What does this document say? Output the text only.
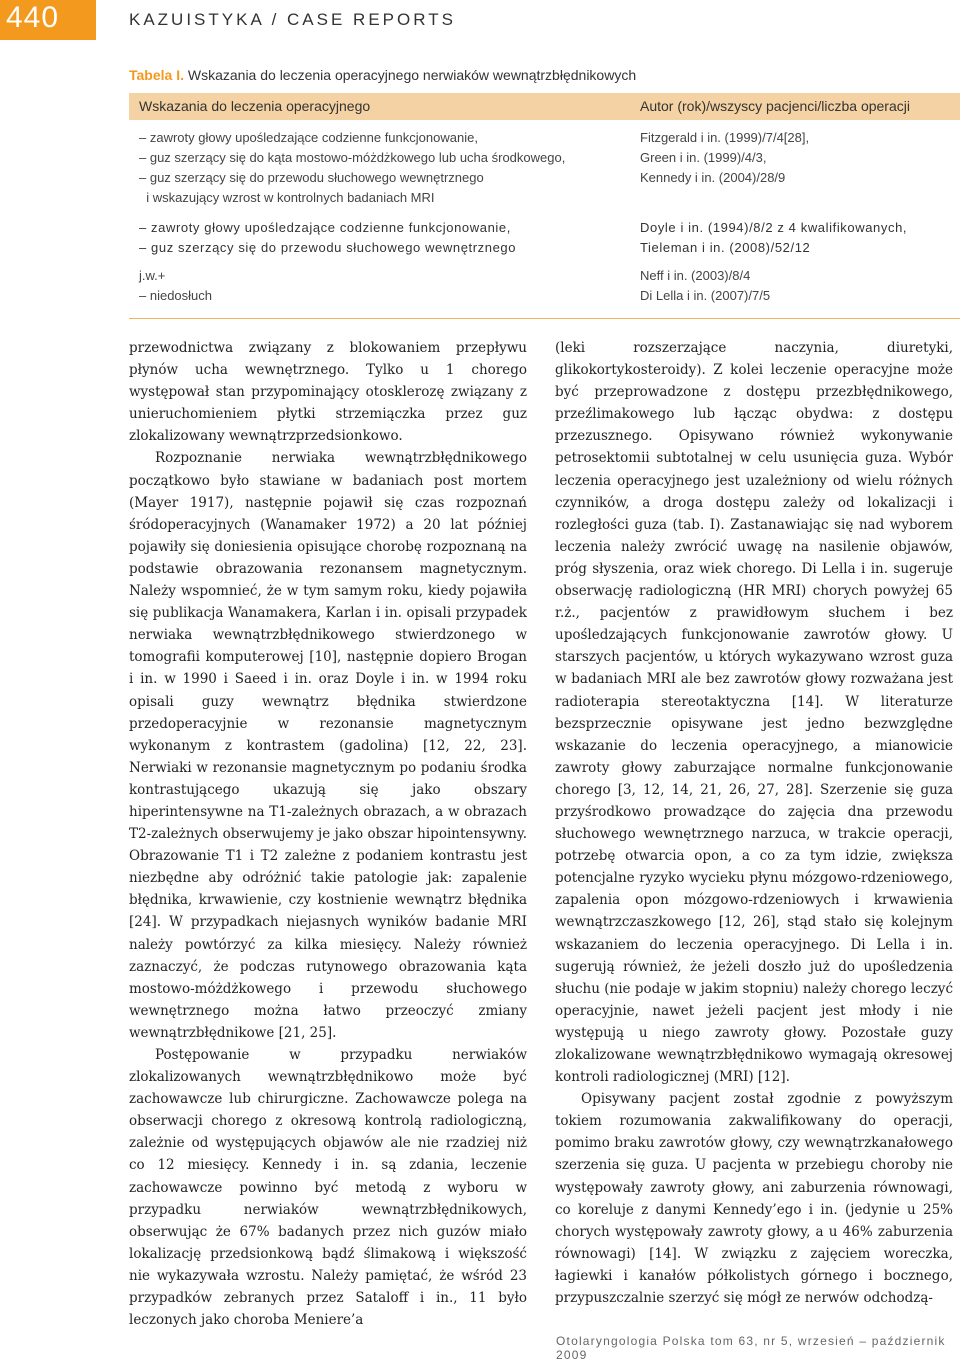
440	KAZUISTYKA / CASE REPORTS
Tabela I. Wskazania do leczenia operacyjnego nerwiaków wewnątrzbłędnikowych
Wskazania do leczenia operacyjnego	Autor (rok)/wszyscy pacjenci/liczba operacji
– zawroty głowy upośledzające codzienne funkcjonowanie,
– guz szerzący się do kąta mostowo-móżdżkowego lub ucha środkowego,
– guz szerzący się do przewodu słuchowego wewnętrznego
i wskazujący wzrost w kontrolnych badaniach MRI
Fitzgerald i in. (1999)/7/4[28],
Green i in. (1999)/4/3,
Kennedy i in. (2004)/28/9
– zawroty głowy upośledzające codzienne funkcjonowanie,
– guz szerzący się do przewodu słuchowego wewnętrznego
Doyle i in. (1994)/8/2 z 4 kwalifikowanych,
Tieleman i in. (2008)/52/12
j.w.+
– niedosłuch
Neff i in. (2003)/8/4
Di Lella i in. (2007)/7/5

przewodnictwa związany z blokowaniem przepływu płynów ucha wewnętrznego. Tylko u 1 chorego występował stan przypominający otosklerozę związany z unieruchomieniem płytki strzemiączka przez guz zlokalizowany wewnątrzprzedsionkowo.

Rozpoznanie nerwiaka wewnątrzbłędnikowego początkowo było stawiane w badaniach post mortem (Mayer 1917), następnie pojawił się czas rozpoznań śródoperacyjnych (Wanamaker 1972) a 20 lat później pojawiły się doniesienia opisujące chorobę rozpoznaną na podstawie obrazowania rezonansem magnetycznym. Należy wspomnieć, że w tym samym roku, kiedy pojawiła się publikacja Wanamakera, Karlan i in. opisali przypadek nerwiaka wewnątrzbłędnikowego stwierdzonego w tomografii komputerowej [10], następnie dopiero Brogan i in. w 1990 i Saeed i in. oraz Doyle i in. w 1994 roku opisali guzy wewnątrz błędnika stwierdzone przedoperacyjnie w rezonansie magnetycznym wykonanym z kontrastem (gadolina) [12, 22, 23]. Nerwiaki w rezonansie magnetycznym po podaniu środka kontrastującego ukazują się jako obszary hiperintensywne na T1-zależnych obrazach, a w obrazach T2-zależnych obserwujemy je jako obszar hipointensywny. Obrazowanie T1 i T2 zależne z podaniem kontrastu jest niezbędne aby odróżnić takie patologie jak: zapalenie błędnika, krwawienie, czy kostnienie wewnątrz błędnika [24]. W przypadkach niejasnych wyników badanie MRI należy powtórzyć za kilka miesięcy. Należy również zaznaczyć, że podczas rutynowego obrazowania kąta mostowo-móżdżkowego i przewodu słuchowego wewnętrznego można łatwo przeoczyć zmiany wewnątrzbłędnikowe [21, 25].

Postępowanie w przypadku nerwiaków zlokalizowanych wewnątrzbłędnikowo może być zachowawcze lub chirurgiczne. Zachowawcze polega na obserwacji chorego z okresową kontrolą radiologiczną, zależnie od występujących objawów ale nie rzadziej niż co 12 miesięcy. Kennedy i in. są zdania, leczenie zachowawcze powinno być metodą z wyboru w przypadku nerwiaków wewnątrzbłędnikowych, obserwując że 67% badanych przez nich guzów miało lokalizację przedsionkową bądź ślimakową i większość nie wykazywała wzrostu. Należy pamiętać, że wśród 23 przypadków zebranych przez Sataloff i in., 11 było leczonych jako choroba Meniere’a

(leki rozszerzające naczynia, diuretyki, glikokortykosteroidy). Z kolei leczenie operacyjne może być przeprowadzone z dostępu przezbłędnikowego, przeźlimakowego lub łącząc obydwa: z dostępu przezusznego. Opisywano również wykonywanie petrosektomii subtotalnej w celu usunięcia guza. Wybór leczenia operacyjnego jest uzależniony od wielu różnych czynników, a droga dostępu zależy od lokalizacji i rozległości guza (tab. I). Zastanawiając się nad wyborem leczenia należy zwrócić uwagę na nasilenie objawów, próg słyszenia, oraz wiek chorego. Di Lella i in. sugeruje obserwację radiologiczną (HR MRI) chorych powyżej 65 r.ż., pacjentów z prawidłowym słuchem i bez upośledzających funkcjonowanie zawrotów głowy. U starszych pacjentów, u których wykazywano wzrost guza w badaniach MRI ale bez zawrotów głowy rozważana jest radioterapia stereotaktyczna [14]. W literaturze bezsprzecznie opisywane jest jedno bezwzględne wskazanie do leczenia operacyjnego, a mianowicie zawroty głowy zaburzające normalne funkcjonowanie chorego [3, 12, 14, 21, 26, 27, 28]. Szerzenie się guza przyśrodkowo prowadzące do zajęcia dna przewodu słuchowego wewnętrznego narzuca, w trakcie operacji, potrzebę otwarcia opon, a co za tym idzie, zwiększa potencjalne ryzyko wycieku płynu mózgowo-rdzeniowego, zapalenia opon mózgowo-rdzeniowych i krwawienia wewnątrzczaszkowego [12, 26], stąd stało się kolejnym wskazaniem do leczenia operacyjnego. Di Lella i in. sugerują również, że jeżeli doszło już do upośledzenia słuchu (nie podaje w jakim stopniu) należy chorego leczyć operacyjnie, nawet jeżeli pacjent jest młody i nie występują u niego zawroty głowy. Pozostałe guzy zlokalizowane wewnątrzbłędnikowo wymagają okresowej kontroli radiologicznej (MRI) [12].

Opisywany pacjent został zgodnie z powyższym tokiem rozumowania zakwalifikowany do operacji, pomimo braku zawrotów głowy, czy wewnątrzkanałowego szerzenia się guza. U pacjenta w przebiegu choroby nie występowały zawroty głowy, ani zaburzenia równowagi, co koreluje z danymi Kennedy’ego i in. (jedynie u 25% chorych występowały zawroty głowy, a u 46% zaburzenia równowagi) [14]. W związku z zajęciem woreczka, łagiewki i kanałów półkolistych górnego i bocznego, przypuszczalnie szerzyć się mógł ze nerwów odchodzą-

Otolaryngologia Polska tom 63, nr 5, wrzesień – październik 2009
